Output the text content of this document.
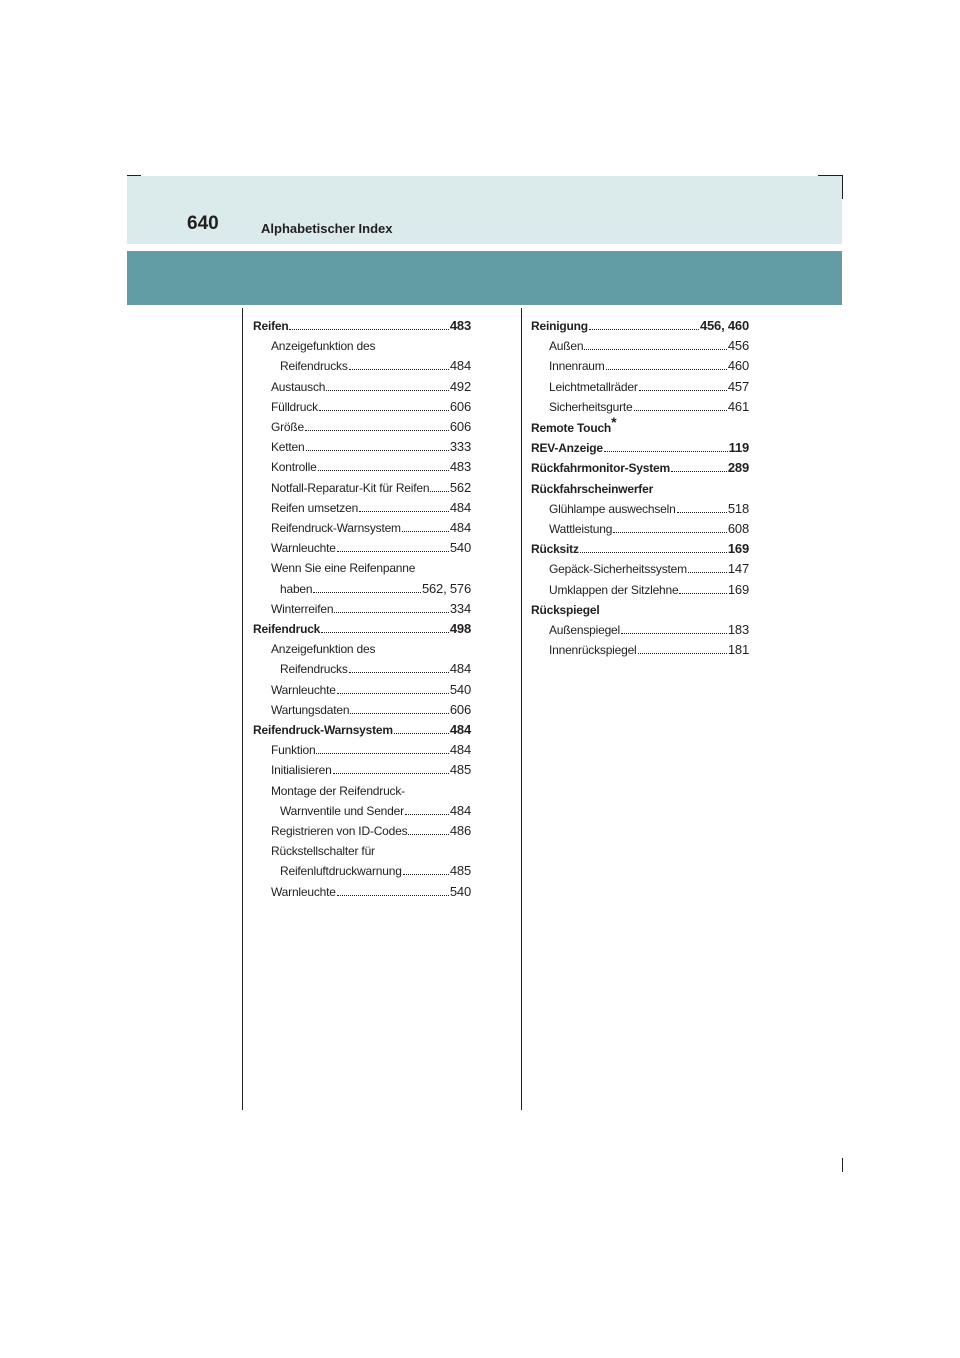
640	Alphabetischer Index
Reifen	483
Anzeigefunktion des
Reifendrucks	484
Austausch	492
Fülldruck	606
Größe	606
Ketten	333
Kontrolle	483
Notfall-Reparatur-Kit für Reifen 562
Reifen umsetzen	484
Reifendruck-Warnsystem	484
Warnleuchte	540
Wenn Sie eine Reifenpanne
haben	562, 576
Winterreifen	334
Reifendruck	498
Anzeigefunktion des
Reifendrucks	484
Warnleuchte	540
Wartungsdaten	606
Reifendruck-Warnsystem	484
Funktion	484
Initialisieren	485
Montage der Reifendruck-
Warnventile und Sender	484
Registrieren von ID-Codes	486
Rückstellschalter für
Reifenluftdruckwarnung	485
Warnleuchte	540
Reinigung	456, 460
Außen	456
Innenraum	460
Leichtmetallräder	457
Sicherheitsgurte	461
Remote Touch *
REV-Anzeige	119
Rückfahrmonitor-System	289
Rückfahrscheinwerfer
Glühlampe auswechseln	518
Wattleistung	608
Rücksitz	169
Gepäck-Sicherheitssystem	147
Umklappen der Sitzlehne	169
Rückspiegel
Außenspiegel	183
Innenrückspiegel	181
